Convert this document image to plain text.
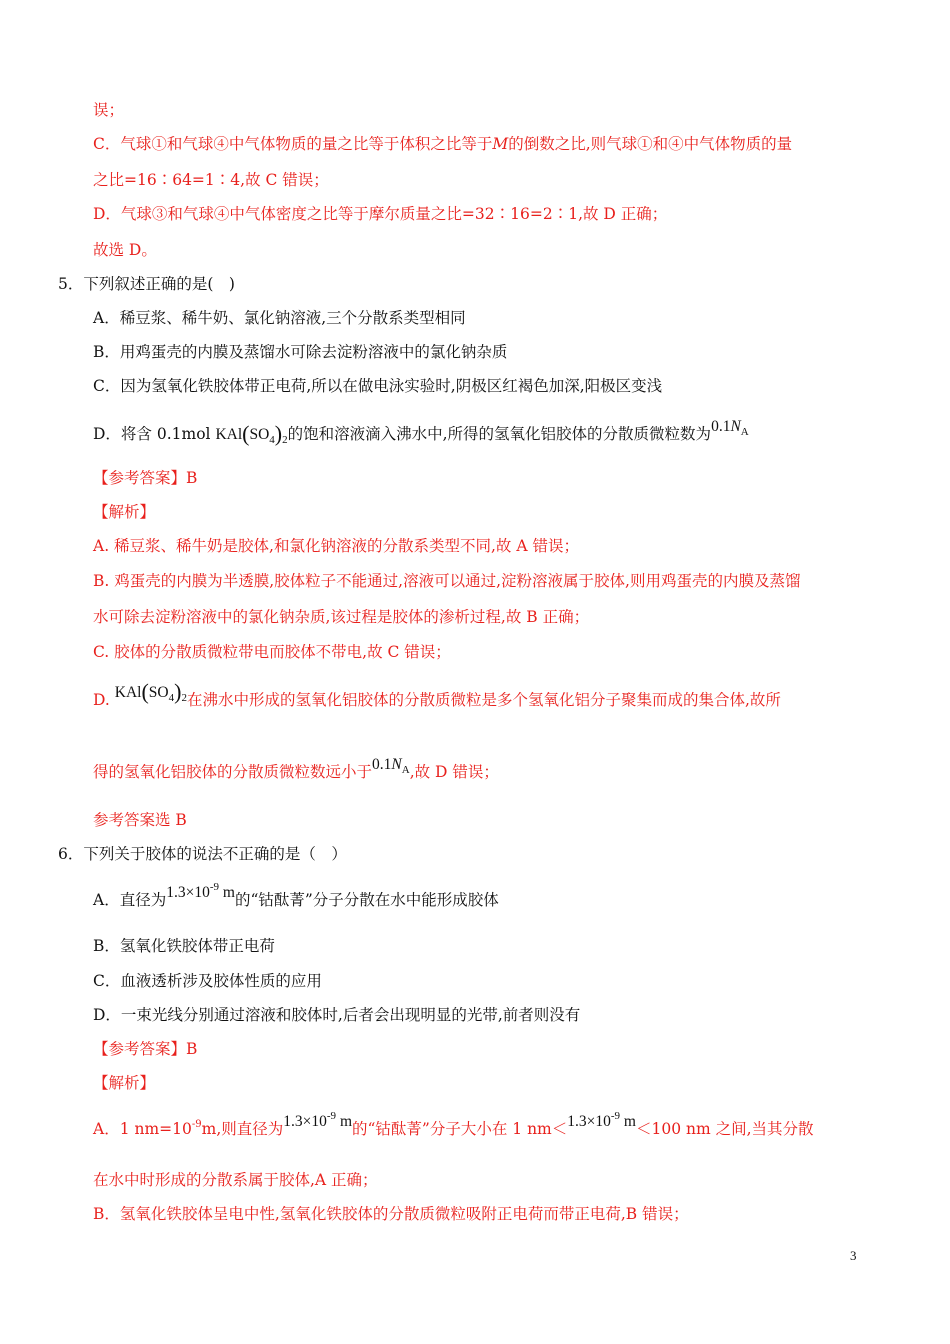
误；
C．气球①和气球④中气体物质的量之比等于体积之比等于M的倒数之比,则气球①和④中气体物质的量
之比=16∶64=1∶4,故 C 错误；
D．气球③和气球④中气体密度之比等于摩尔质量之比=32∶16=2∶1,故 D 正确；
故选 D。
5．下列叙述正确的是(　)
A．稀豆浆、稀牛奶、氯化钠溶液,三个分散系类型相同
B．用鸡蛋壳的内膜及蒸馏水可除去淀粉溶液中的氯化钠杂质
C．因为氢氧化铁胶体带正电荷,所以在做电泳实验时,阴极区红褐色加深,阳极区变浅
D．将含 0.1mol $KAl(SO_4)_2$的饱和溶液滴入沸水中,所得的氢氧化铝胶体的分散质微粒数为$0.1N_A$
【参考答案】B
【解析】
A. 稀豆浆、稀牛奶是胶体,和氯化钠溶液的分散系类型不同,故 A 错误；
B. 鸡蛋壳的内膜为半透膜,胶体粒子不能通过,溶液可以通过,淀粉溶液属于胶体,则用鸡蛋壳的内膜及蒸馏
水可除去淀粉溶液中的氯化钠杂质,该过程是胶体的渗析过程,故 B 正确；
C. 胶体的分散质微粒带电而胶体不带电,故 C 错误；
D. $KAl(SO_4)_2$在沸水中形成的氢氧化铝胶体的分散质微粒是多个氢氧化铝分子聚集而成的集合体,故所
得的氢氧化铝胶体的分散质微粒数远小于$0.1N_A$,故 D 错误；
参考答案选 B
6．下列关于胶体的说法不正确的是（　）
A．直径为$1.3\times 10^{-9}$ m的“钴酞菁”分子分散在水中能形成胶体
B．氢氧化铁胶体带正电荷
C．血液透析涉及胶体性质的应用
D．一束光线分别通过溶液和胶体时,后者会出现明显的光带,前者则没有
【参考答案】B
【解析】
A．1 $nm=10^{-9}m$,则直径为$1.3\times 10^{-9}$ m的“钴酞菁”分子大小在 1 $nm<1.3\times 10^{-9}$ m＜100 nm 之间,当其分散
在水中时形成的分散系属于胶体,A 正确；
B．氢氧化铁胶体呈电中性,氢氧化铁胶体的分散质微粒吸附正电荷而带正电荷,B 错误；
3
